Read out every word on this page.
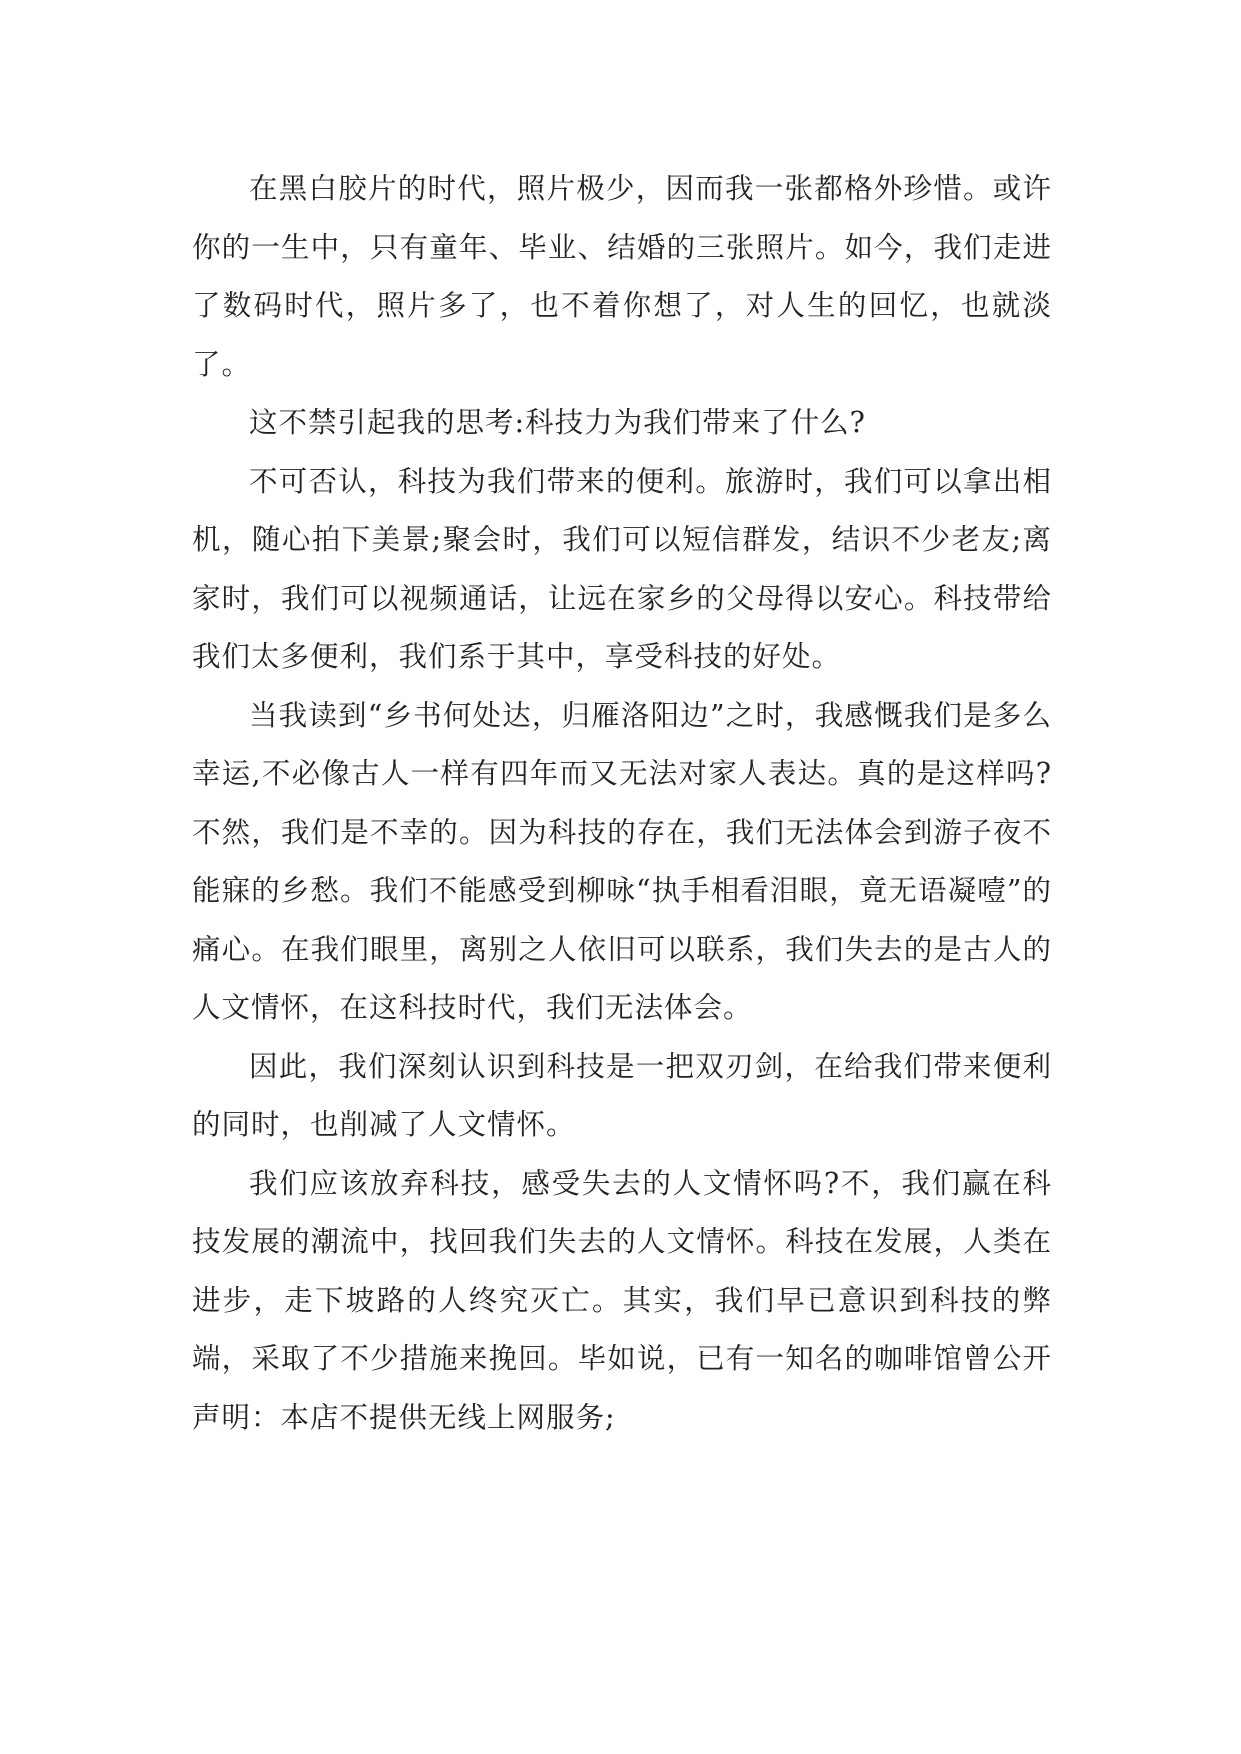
在黑白胶片的时代，照片极少，因而我一张都格外珍惜。或许你的一生中，只有童年、毕业、结婚的三张照片。如今，我们走进了数码时代，照片多了，也不着你想了，对人生的回忆，也就淡了。

这不禁引起我的思考:科技力为我们带来了什么?

不可否认，科技为我们带来的便利。旅游时，我们可以拿出相机，随心拍下美景;聚会时，我们可以短信群发，结识不少老友;离家时，我们可以视频通话，让远在家乡的父母得以安心。科技带给我们太多便利，我们系于其中，享受科技的好处。

当我读到“乡书何处达，归雁洛阳边”之时，我感慨我们是多么幸运,不必像古人一样有四年而又无法对家人表达。真的是这样吗?不然，我们是不幸的。因为科技的存在，我们无法体会到游子夜不能寐的乡愁。我们不能感受到柳咏“执手相看泪眼，竟无语凝噎”的痛心。在我们眼里，离别之人依旧可以联系，我们失去的是古人的人文情怀，在这科技时代，我们无法体会。

因此，我们深刻认识到科技是一把双刃剑，在给我们带来便利的同时，也削减了人文情怀。

我们应该放弃科技，感受失去的人文情怀吗?不，我们赢在科技发展的潮流中，找回我们失去的人文情怀。科技在发展，人类在进步，走下坡路的人终究灭亡。其实，我们早已意识到科技的弊端，采取了不少措施来挽回。毕如说，已有一知名的咖啡馆曾公开声明：本店不提供无线上网服务;
